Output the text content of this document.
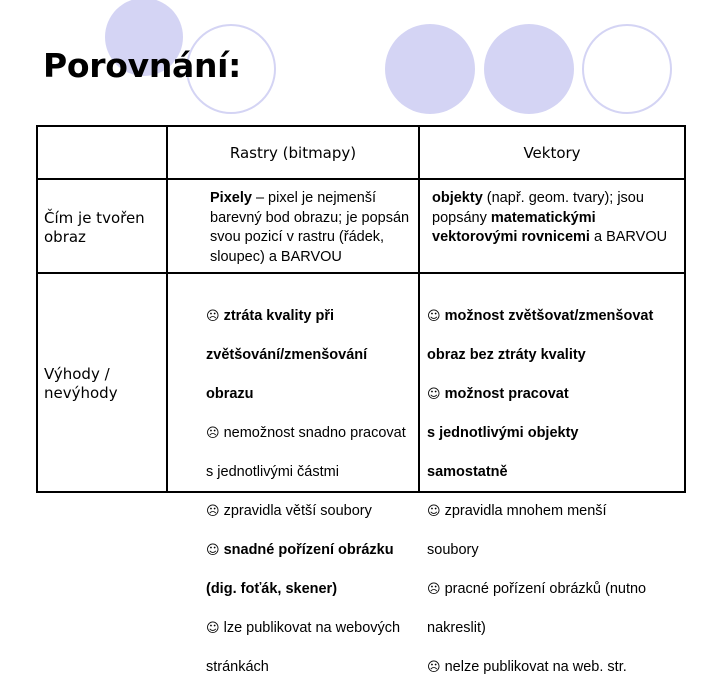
Porovnání:
Rastry (bitmapy)	Vektory
Čím je tvořen obraz
Pixely – pixel je nejmenší barevný bod obrazu; je popsán svou pozicí v rastru (řádek, sloupec) a BARVOU
objekty (např. geom. tvary); jsou popsány matematickými vektorovými rovnicemi a BARVOU
Výhody / nevýhody

☹ ztráta kvality při

zvětšování/zmenšování

obrazu

☹ nemožnost snadno pracovat

s jednotlivými částmi

☹ zpravidla větší soubory

☺ snadné pořízení obrázku

(dig. foťák, skener)

☺ lze publikovat na webových

stránkách

☺ možnost zvětšovat/zmenšovat

obraz bez ztráty kvality

☺ možnost pracovat

s jednotlivými objekty

samostatně

☺ zpravidla mnohem menší

soubory

☹ pracné pořízení obrázků (nutno

nakreslit)

☹ nelze publikovat na web. str.
